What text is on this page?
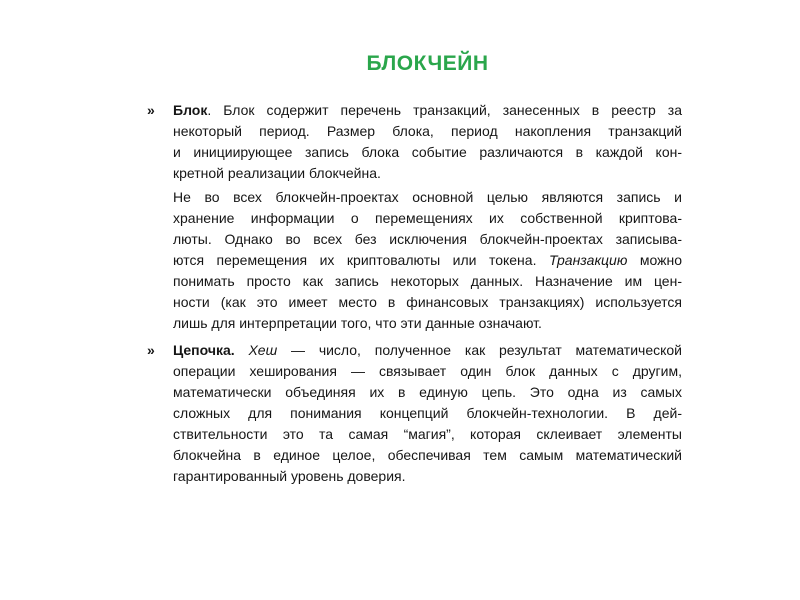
БЛОКЧЕЙН
» Блок. Блок содержит перечень транзакций, занесенных в реестр за
некоторый период. Размер блока, период накопления транзакций
и инициирующее запись блока событие различаются в каждой кон-
кретной реализации блокчейна.
Не во всех блокчейн-проектах основной целью являются запись и
хранение информации о перемещениях их собственной криптова-
люты. Однако во всех без исключения блокчейн-проектах записыва-
ются перемещения их криптовалюты или токена. Транзакцию можно
понимать просто как запись некоторых данных. Назначение им цен-
ности (как это имеет место в финансовых транзакциях) используется
лишь для интерпретации того, что эти данные означают.
» Цепочка. Хеш — число, полученное как результат математической
операции хеширования — связывает один блок данных с другим,
математически объединяя их в единую цепь. Это одна из самых
сложных для понимания концепций блокчейн-технологии. В дей-
ствительности это та самая “магия”, которая склеивает элементы
блокчейна в единое целое, обеспечивая тем самым математический
гарантированный уровень доверия.
